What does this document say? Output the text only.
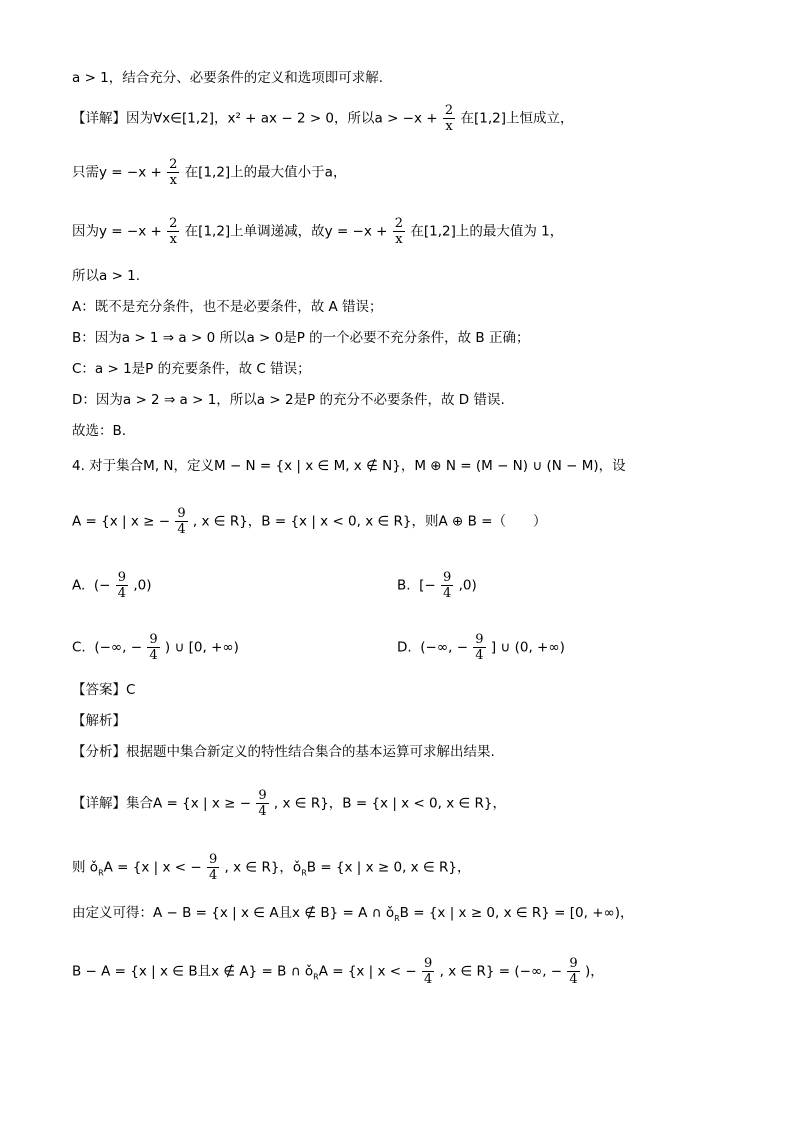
a > 1，结合充分、必要条件的定义和选项即可求解.
【详解】因为∀x∈[1,2]，x² + ax − 2 > 0，所以$a > -x + \frac{2}{x}$ 在[1,2]上恒成立，
只需$y = -x + \frac{2}{x}$ 在[1,2]上的最大值小于a，
因为$y = -x + \frac{2}{x}$ 在[1,2]上单调递减，故$y = -x + \frac{2}{x}$ 在[1,2]上的最大值为 1，
所以a > 1.
A：既不是充分条件，也不是必要条件，故 A 错误；
B：因为a > 1 ⇒ a > 0 所以a > 0是P 的一个必要不充分条件，故 B 正确；
C：a > 1是P 的充要条件，故 C 错误；
D：因为a > 2 ⇒ a > 1，所以a > 2是P 的充分不必要条件，故 D 错误.
故选：B.
4. 对于集合M, N，定义M − N = {x | x ∈ M, x ∉ N}，M ⊕ N = (M − N) ∪ (N − M)，设
A = {x | x ≥ − $\frac{9}{4}$ , x ∈ R}，B = {x | x < 0, x ∈ R}，则A ⊕ B =（　　）
A. (− $\frac{9}{4} ,0$)	B. [− $\frac{9}{4} ,0$)
C. (−∞, − $\frac{9}{4}$ ) ∪ [0, +∞)	D. (−∞, − $\frac{9}{4}$ ] ∪ (0, +∞)
【答案】C
【解析】
【分析】根据题中集合新定义的特性结合集合的基本运算可求解出结果.
【详解】集合A = {x | x ≥ − $\frac{9}{4}$ , x ∈ R}，B = {x | x < 0, x ∈ R}，
则 $ǒ_RA = \{x$ | x < − $\frac{9}{4}$ , x ∈ R}，$ǒ_RB = \{x$ | x ≥ 0, x ∈ R}，
由定义可得：A − B = {x | x ∈ A且x ∉ B} = A ∩ $ǒ_RB = \{x$ | x ≥ 0, x ∈ R} = [0, +∞)，
B − A = {x | x ∈ B且x ∉ A} = B ∩ $ǒ_RA = \{x$ | x < − $\frac{9}{4}$ , x ∈ R} = (−∞, − $\frac{9}{4}$ )，
